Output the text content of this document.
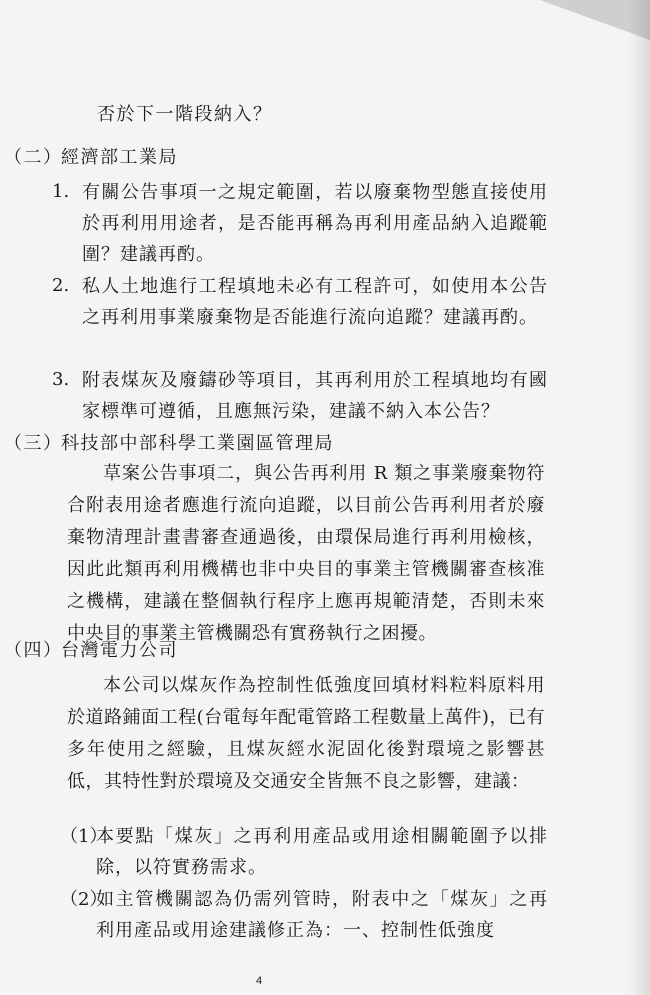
否於下一階段納入？
（二）
經濟部工業局
1. 有關公告事項一之規定範圍，若以廢棄物型態直接使用於再利用用途者，是否能再稱為再利用產品納入追蹤範圍？建議再酌。

2. 私人土地進行工程填地未必有工程許可，如使用本公告之再利用事業廢棄物是否能進行流向追蹤？建議再酌。

3. 附表煤灰及廢鑄砂等項目，其再利用於工程填地均有國家標準可遵循，且應無污染，建議不納入本公告？

（三）
科技部中部科學工業園區管理局

草案公告事項二，與公告再利用 R 類之事業廢棄物符合附表用途者應進行流向追蹤，以目前公告再利用者於廢棄物清理計畫書審查通過後，由環保局進行再利用檢核，因此此類再利用機構也非中央目的事業主管機關審查核准之機構，建議在整個執行程序上應再規範清楚，否則未來中央目的事業主管機關恐有實務執行之困擾。

（四）
台灣電力公司

本公司以煤灰作為控制性低強度回填材料粒料原料用於道路鋪面工程(台電每年配電管路工程數量上萬件)，已有多年使用之經驗，且煤灰經水泥固化後對環境之影響甚低，其特性對於環境及交通安全皆無不良之影響，建議：

（1）

本要點「煤灰」之再利用產品或用途相關範圍予以排除，以符實務需求。

（2）

如主管機關認為仍需列管時，附表中之「煤灰」之再利用產品或用途建議修正為：一、控制性低強度

4
